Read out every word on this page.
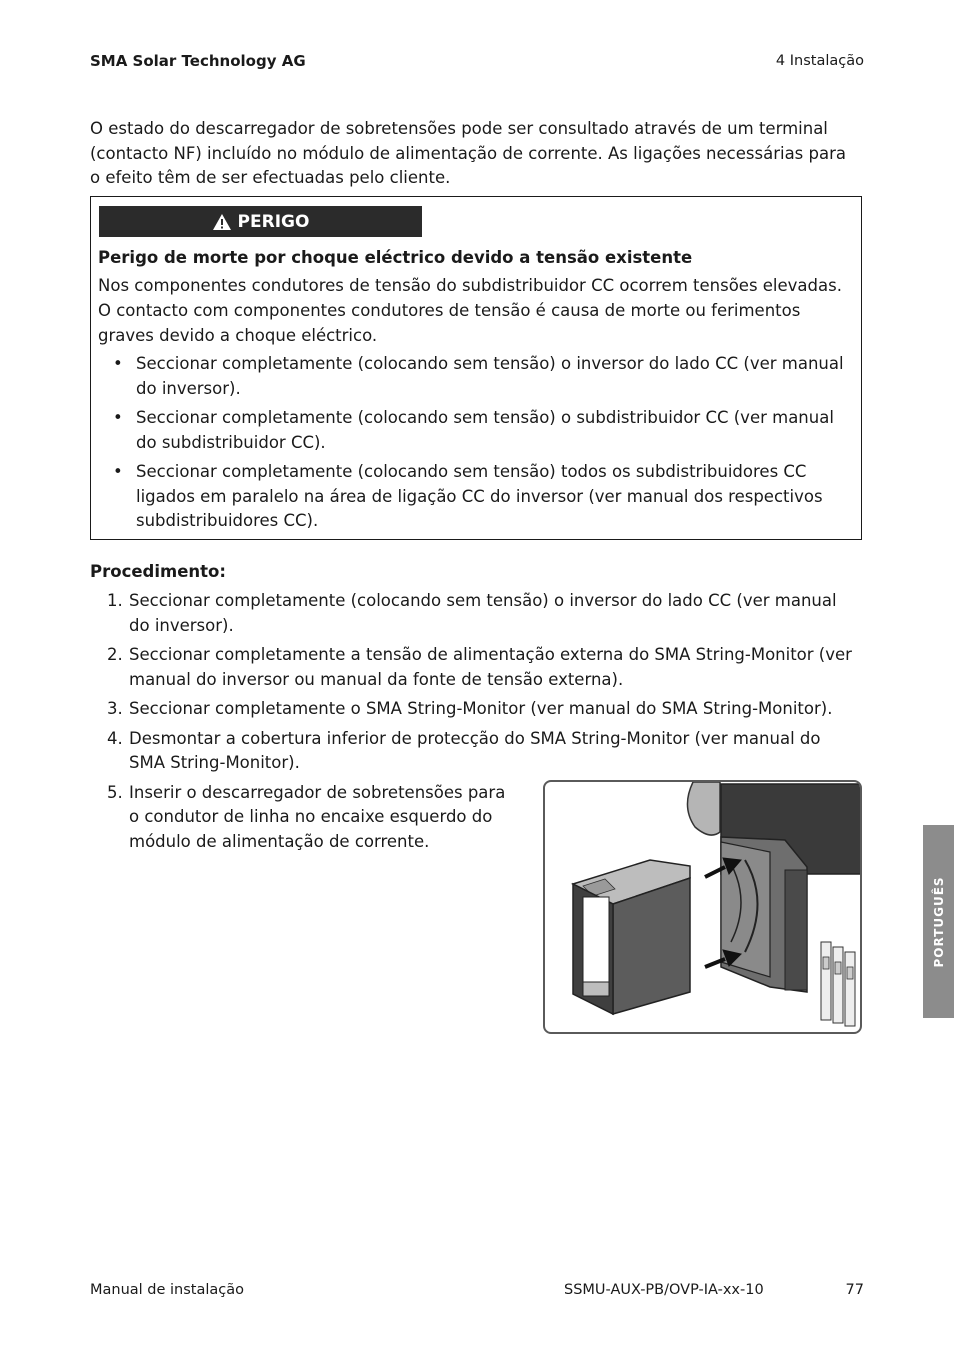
SMA Solar Technology AG	4 Instalação
O estado do descarregador de sobretensões pode ser consultado através de um terminal (contacto NF) incluído no módulo de alimentação de corrente. As ligações necessárias para o efeito têm de ser efectuadas pelo cliente.
PERIGO
Perigo de morte por choque eléctrico devido a tensão existente
Nos componentes condutores de tensão do subdistribuidor CC ocorrem tensões elevadas. O contacto com componentes condutores de tensão é causa de morte ou ferimentos graves devido a choque eléctrico.
• Seccionar completamente (colocando sem tensão) o inversor do lado CC (ver manual do inversor).
• Seccionar completamente (colocando sem tensão) o subdistribuidor CC (ver manual do subdistribuidor CC).
• Seccionar completamente (colocando sem tensão) todos os subdistribuidores CC ligados em paralelo na área de ligação CC do inversor (ver manual dos respectivos subdistribuidores CC).
Procedimento:
1. Seccionar completamente (colocando sem tensão) o inversor do lado CC (ver manual do inversor).
2. Seccionar completamente a tensão de alimentação externa do SMA String-Monitor (ver manual do inversor ou manual da fonte de tensão externa).
3. Seccionar completamente o SMA String-Monitor (ver manual do SMA String-Monitor).
4. Desmontar a cobertura inferior de protecção do SMA String-Monitor (ver manual do SMA String-Monitor).
5. Inserir o descarregador de sobretensões para o condutor de linha no encaixe esquerdo do módulo de alimentação de corrente.
PORTUGUÊS
Manual de instalação	SSMU-AUX-PB/OVP-IA-xx-10	77
